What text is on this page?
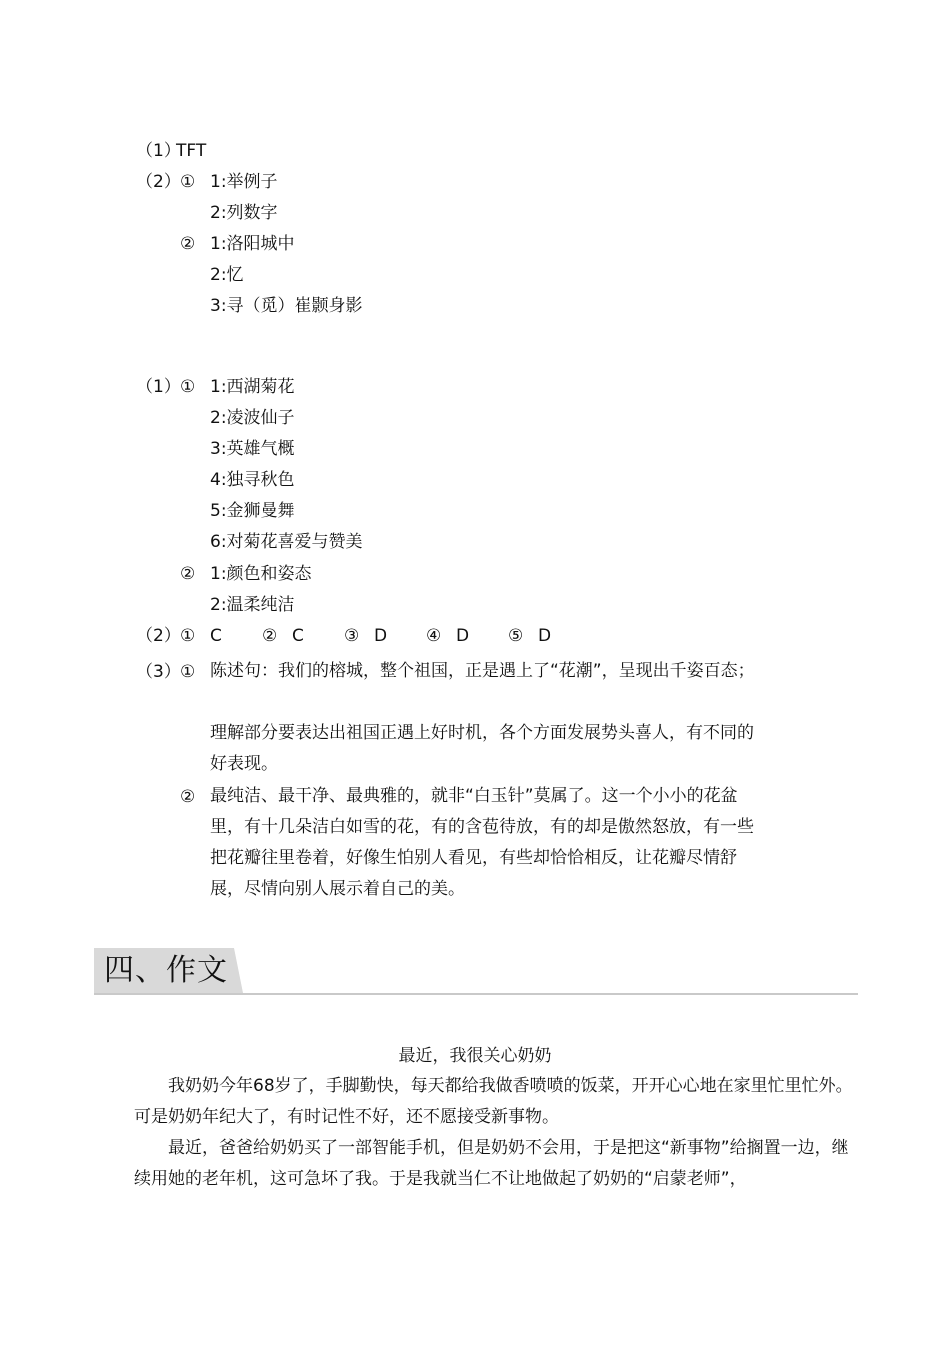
（1）
TFT
（2） ① 1:举例子
2:列数字
② 1:洛阳城中
2:忆
3:寻（觅）崔颢身影
（1） ① 1:西湖菊花
2:凌波仙子
3:英雄气概
4:独寻秋色
5:金狮曼舞
6:对菊花喜爱与赞美
② 1:颜色和姿态
2:温柔纯洁
（2） ① C ② C ③ D ④ D ⑤ D
（3） ① 陈述句：我们的榕城，整个祖国，正是遇上了“花潮”，呈现出千姿百态；
理解部分要表达出祖国正遇上好时机，各个方面发展势头喜人，有不同的好表现。
② 最纯洁、最干净、最典雅的，就非“白玉针”莫属了。这一个小小的花盆里，有十几朵洁白如雪的花，有的含苞待放，有的却是傲然怒放，有一些把花瓣往里卷着，好像生怕别人看见，有些却恰恰相反，让花瓣尽情舒展，尽情向别人展示着自己的美。
四、作文
最近，我很关心奶奶
我奶奶今年68岁了，手脚勤快，每天都给我做香喷喷的饭菜，开开心心地在家里忙里忙外。可是奶奶年纪大了，有时记性不好，还不愿接受新事物。
最近，爸爸给奶奶买了一部智能手机，但是奶奶不会用，于是把这“新事物”给搁置一边，继续用她的老年机，这可急坏了我。于是我就当仁不让地做起了奶奶的“启蒙老师”，
